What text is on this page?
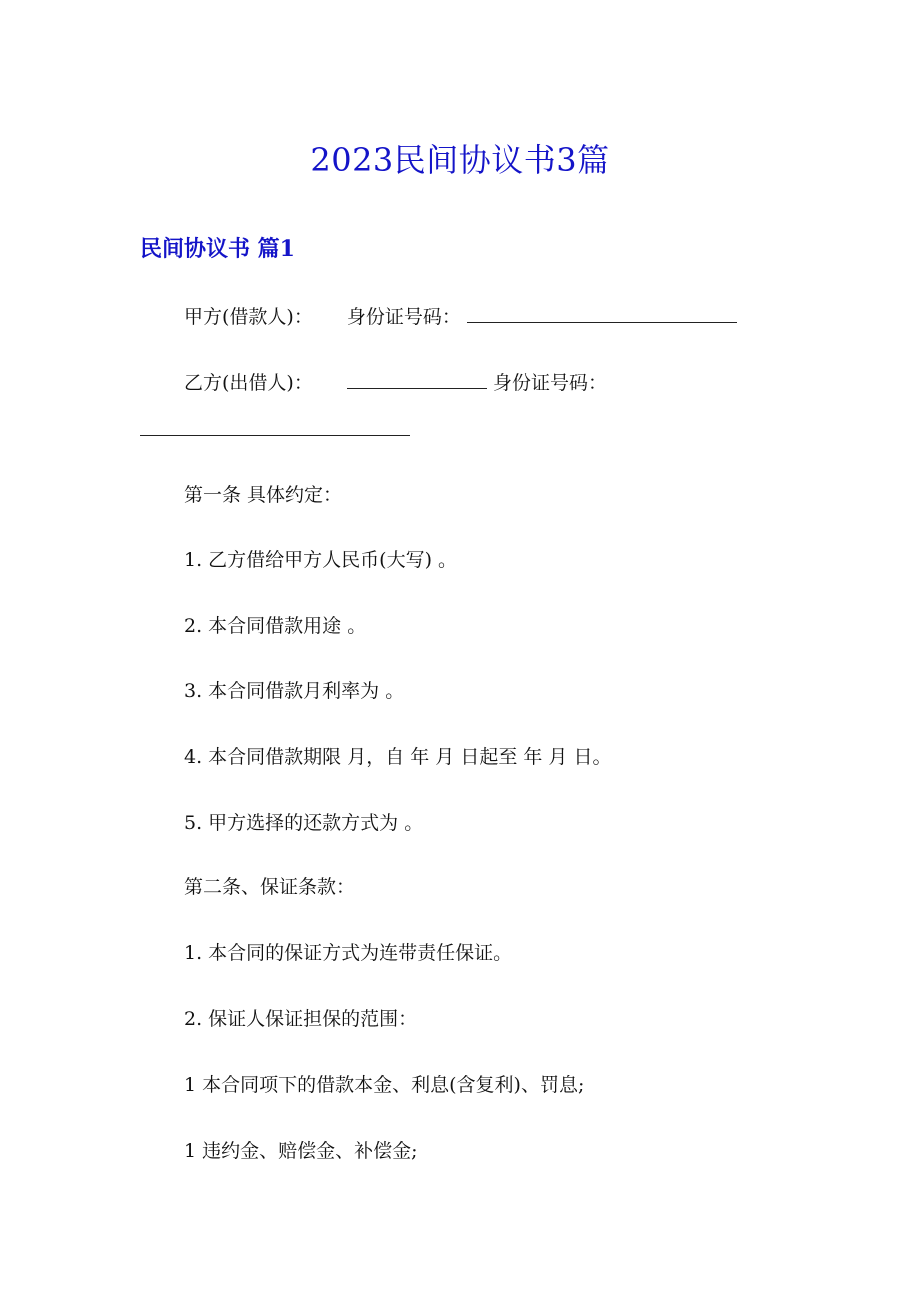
2023民间协议书3篇
民间协议书 篇1
甲方(借款人)： 身份证号码：
乙方(出借人)：	身份证号码：
第一条 具体约定：
1. 乙方借给甲方人民币(大写) 。
2. 本合同借款用途 。
3. 本合同借款月利率为 。
4. 本合同借款期限 月，自 年 月 日起至 年 月 日。
5. 甲方选择的还款方式为 。
第二条、保证条款：
1. 本合同的保证方式为连带责任保证。
2. 保证人保证担保的范围：
1 本合同项下的借款本金、利息(含复利)、罚息;
1 违约金、赔偿金、补偿金;
